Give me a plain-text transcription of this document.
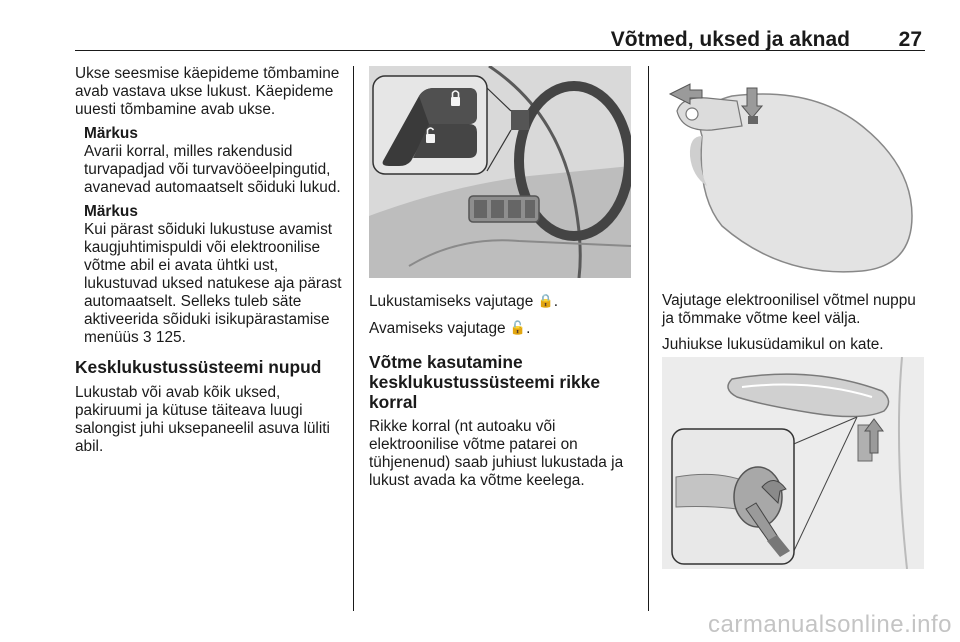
Võtmed, uksed ja aknad	27

Ukse seesmise käepideme tõmbamine avab vastava ukse lukust. Käepideme uuesti tõmbamine avab ukse.

Märkus

Avarii korral, milles rakendusid turvapadjad või turvavööeelpingutid, avanevad automaatselt sõiduki lukud.

Märkus

Kui pärast sõiduki lukustuse avamist kaugjuhtimispuldi või elektroonilise võtme abil ei avata ühtki ust, lukustuvad uksed natukese aja pärast automaatselt. Selleks tuleb säte aktiveerida sõiduki isikupärastamise menüüs 3 125.

Kesklukustussüsteemi nupud

Lukustab või avab kõik uksed, pakiruumi ja kütuse täiteava luugi salongist juhi uksepaneelil asuva lüliti abil.

Lukustamiseks vajutage 🔒.

Avamiseks vajutage 🔓.

Võtme kasutamine kesklukustussüsteemi rikke korral

Rikke korral (nt autoaku või elektroonilise võtme patarei on tühjenenud) saab juhiust lukustada ja lukust avada ka võtme keelega.

Vajutage elektroonilisel võtmel nuppu ja tõmmake võtme keel välja.

Juhiukse lukusüdamikul on kate.

carmanualsonline.info
